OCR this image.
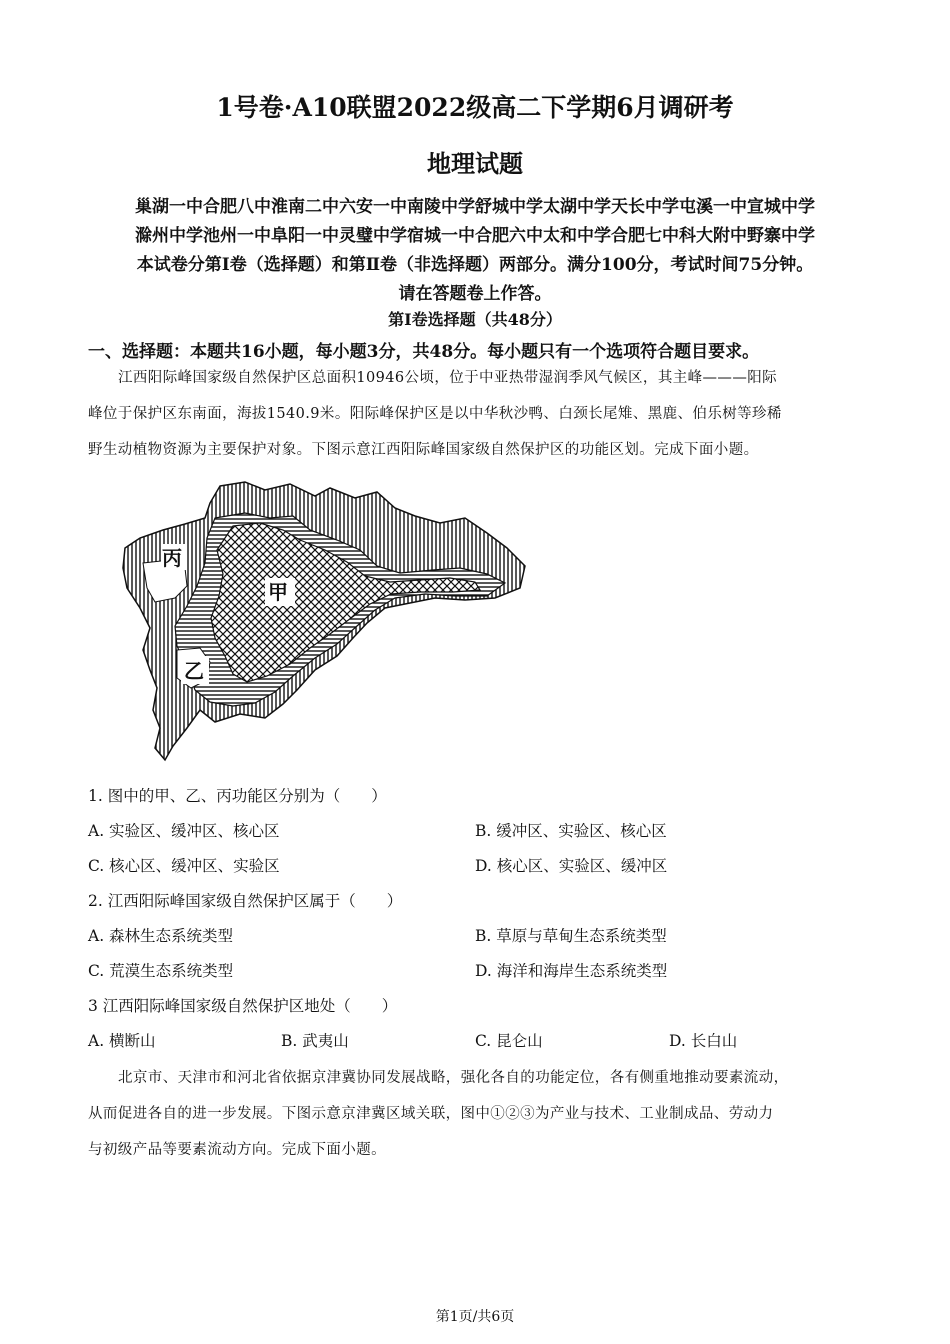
1号卷·A10联盟2022级高二下学期6月调研考
地理试题
巢湖一中合肥八中淮南二中六安一中南陵中学舒城中学太湖中学天长中学屯溪一中宣城中学
滁州中学池州一中阜阳一中灵璧中学宿城一中合肥六中太和中学合肥七中科大附中野寨中学
本试卷分第Ⅰ卷（选择题）和第Ⅱ卷（非选择题）两部分。满分100分，考试时间75分钟。
请在答题卷上作答。
第Ⅰ卷选择题（共48分）
一、选择题：本题共16小题，每小题3分，共48分。每小题只有一个选项符合题目要求。
江西阳际峰国家级自然保护区总面积10946公顷，位于中亚热带湿润季风气候区，其主峰———阳际
峰位于保护区东南面，海拔1540.9米。阳际峰保护区是以中华秋沙鸭、白颈长尾雉、黑鹿、伯乐树等珍稀
野生动植物资源为主要保护对象。下图示意江西阳际峰国家级自然保护区的功能区划。完成下面小题。
丙
甲
乙
1. 图中的甲、乙、丙功能区分别为（　　）
A. 实验区、缓冲区、核心区	B. 缓冲区、实验区、核心区
C. 核心区、缓冲区、实验区	D. 核心区、实验区、缓冲区
2. 江西阳际峰国家级自然保护区属于（　　）
A. 森林生态系统类型	B. 草原与草甸生态系统类型
C. 荒漠生态系统类型	D. 海洋和海岸生态系统类型
3 江西阳际峰国家级自然保护区地处（　　）
A. 横断山	B. 武夷山	C. 昆仑山	D. 长白山
北京市、天津市和河北省依据京津冀协同发展战略，强化各自的功能定位，各有侧重地推动要素流动，
从而促进各自的进一步发展。下图示意京津冀区域关联，图中①②③为产业与技术、工业制成品、劳动力
与初级产品等要素流动方向。完成下面小题。
第1页/共6页
